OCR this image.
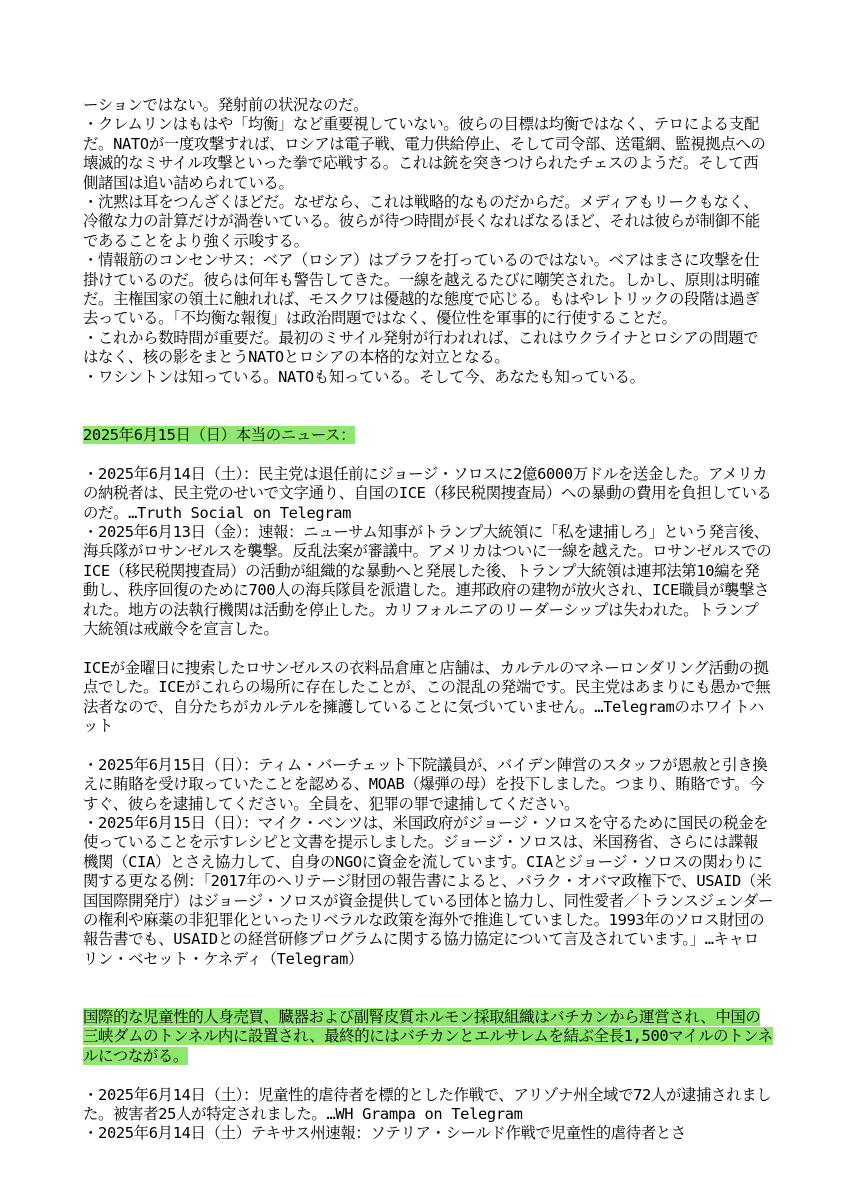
ーションではない。発射前の状況なのだ。

・クレムリンはもはや「均衡」など重要視していない。彼らの目標は均衡ではなく、テロによる支配だ。NATOが一度攻撃すれば、ロシアは電子戦、電力供給停止、そして司令部、送電網、監視拠点への壊滅的なミサイル攻撃といった拳で応戦する。これは銃を突きつけられたチェスのようだ。そして西側諸国は追い詰められている。

・沈黙は耳をつんざくほどだ。なぜなら、これは戦略的なものだからだ。メディアもリークもなく、冷徹な力の計算だけが渦巻いている。彼らが待つ時間が長くなればなるほど、それは彼らが制御不能であることをより強く示唆する。

・情報筋のコンセンサス：ベア（ロシア）はブラフを打っているのではない。ベアはまさに攻撃を仕掛けているのだ。彼らは何年も警告してきた。一線を越えるたびに嘲笑された。しかし、原則は明確だ。主権国家の領土に触れれば、モスクワは優越的な態度で応じる。もはやレトリックの段階は過ぎ去っている。「不均衡な報復」は政治問題ではなく、優位性を軍事的に行使することだ。

・これから数時間が重要だ。最初のミサイル発射が行われれば、これはウクライナとロシアの問題ではなく、核の影をまとうNATOとロシアの本格的な対立となる。

・ワシントンは知っている。NATOも知っている。そして今、あなたも知っている。

2025年6月15日（日）本当のニュース：

・2025年6月14日（土）：民主党は退任前にジョージ・ソロスに2億6000万ドルを送金した。アメリカの納税者は、民主党のせいで文字通り、自国のICE（移民税関捜査局）への暴動の費用を負担しているのだ。…Truth Social on Telegram

・2025年6月13日（金）：速報：ニューサム知事がトランプ大統領に「私を逮捕しろ」という発言後、海兵隊がロサンゼルスを襲撃。反乱法案が審議中。アメリカはついに一線を越えた。ロサンゼルスでのICE（移民税関捜査局）の活動が組織的な暴動へと発展した後、トランプ大統領は連邦法第10編を発動し、秩序回復のために700人の海兵隊員を派遣した。連邦政府の建物が放火され、ICE職員が襲撃された。地方の法執行機関は活動を停止した。カリフォルニアのリーダーシップは失われた。トランプ大統領は戒厳令を宣言した。

ICEが金曜日に捜索したロサンゼルスの衣料品倉庫と店舗は、カルテルのマネーロンダリング活動の拠点でした。ICEがこれらの場所に存在したことが、この混乱の発端です。民主党はあまりにも愚かで無法者なので、自分たちがカルテルを擁護していることに気づいていません。…Telegramのホワイトハット

・2025年6月15日（日）：ティム・バーチェット下院議員が、バイデン陣営のスタッフが恩赦と引き換えに賄賂を受け取っていたことを認める、MOAB（爆弾の母）を投下しました。つまり、賄賂です。今すぐ、彼らを逮捕してください。全員を、犯罪の罪で逮捕してください。

・2025年6月15日（日）：マイク・ベンツは、米国政府がジョージ・ソロスを守るために国民の税金を使っていることを示すレシピと文書を提示しました。ジョージ・ソロスは、米国務省、さらには諜報機関（CIA）とさえ協力して、自身のNGOに資金を流しています。CIAとジョージ・ソロスの関わりに関する更なる例：「2017年のヘリテージ財団の報告書によると、バラク・オバマ政権下で、USAID（米国国際開発庁）はジョージ・ソロスが資金提供している団体と協力し、同性愛者／トランスジェンダーの権利や麻薬の非犯罪化といったリベラルな政策を海外で推進していました。1993年のソロス財団の報告書でも、USAIDとの経営研修プログラムに関する協力協定について言及されています。」…キャロリン・ベセット・ケネディ（Telegram）

国際的な児童性的人身売買、臓器および副腎皮質ホルモン採取組織はバチカンから運営され、中国の三峡ダムのトンネル内に設置され、最終的にはバチカンとエルサレムを結ぶ全長1,500マイルのトンネルにつながる。

・2025年6月14日（土）：児童性的虐待者を標的とした作戦で、アリゾナ州全域で72人が逮捕されました。被害者25人が特定されました。…WH Grampa on Telegram

・2025年6月14日（土）テキサス州速報：ソテリア・シールド作戦で児童性的虐待者とさ
